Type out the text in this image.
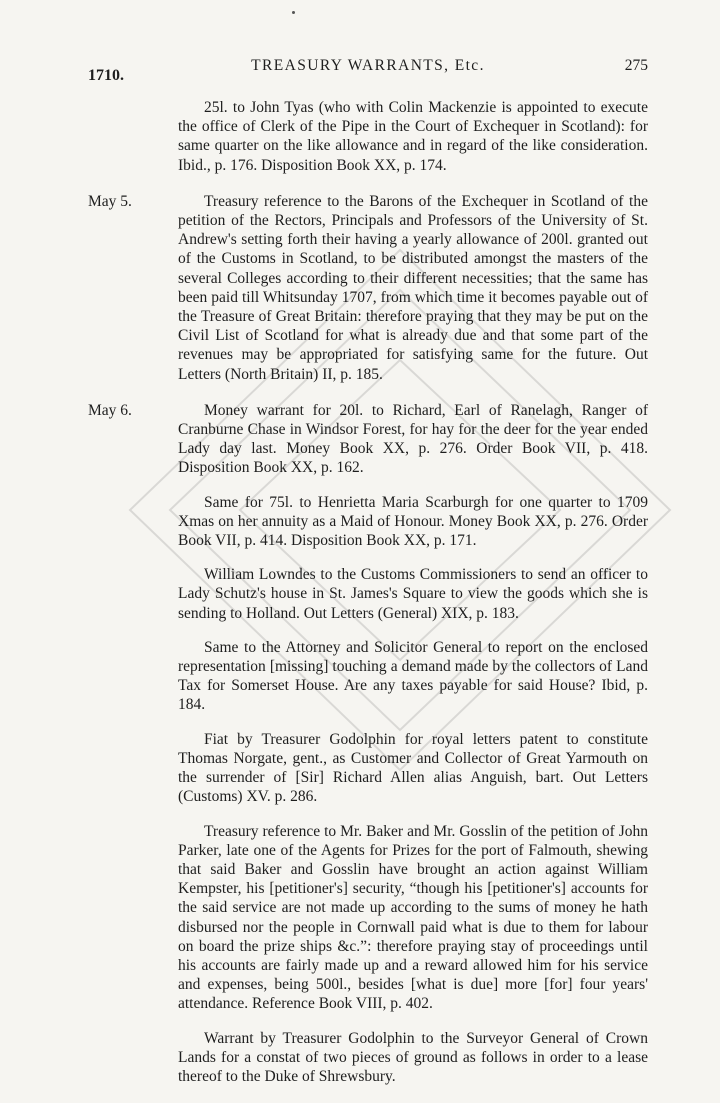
1710.
TREASURY WARRANTS, Etc.	275

25l. to John Tyas (who with Colin Mackenzie is appointed to execute the office of Clerk of the Pipe in the Court of Exchequer in Scotland): for same quarter on the like allowance and in regard of the like consideration. Ibid., p. 176. Disposition Book XX, p. 174.

May 5.	Treasury reference to the Barons of the Exchequer in Scotland of the petition of the Rectors, Principals and Professors of the University of St. Andrew's setting forth their having a yearly allowance of 200l. granted out of the Customs in Scotland, to be distributed amongst the masters of the several Colleges according to their different necessities; that the same has been paid till Whitsunday 1707, from which time it becomes payable out of the Treasure of Great Britain: therefore praying that they may be put on the Civil List of Scotland for what is already due and that some part of the revenues may be appropriated for satisfying same for the future. Out Letters (North Britain) II, p. 185.

May 6.	Money warrant for 20l. to Richard, Earl of Ranelagh, Ranger of Cranburne Chase in Windsor Forest, for hay for the deer for the year ended Lady day last. Money Book XX, p. 276. Order Book VII, p. 418. Disposition Book XX, p. 162.

Same for 75l. to Henrietta Maria Scarburgh for one quarter to 1709 Xmas on her annuity as a Maid of Honour. Money Book XX, p. 276. Order Book VII, p. 414. Disposition Book XX, p. 171.

William Lowndes to the Customs Commissioners to send an officer to Lady Schutz's house in St. James's Square to view the goods which she is sending to Holland. Out Letters (General) XIX, p. 183.

Same to the Attorney and Solicitor General to report on the enclosed representation [missing] touching a demand made by the collectors of Land Tax for Somerset House. Are any taxes payable for said House? Ibid, p. 184.

Fiat by Treasurer Godolphin for royal letters patent to constitute Thomas Norgate, gent., as Customer and Collector of Great Yarmouth on the surrender of [Sir] Richard Allen alias Anguish, bart. Out Letters (Customs) XV. p. 286.

Treasury reference to Mr. Baker and Mr. Gosslin of the petition of John Parker, late one of the Agents for Prizes for the port of Falmouth, shewing that said Baker and Gosslin have brought an action against William Kempster, his [petitioner's] security, “though his [petitioner's] accounts for the said service are not made up according to the sums of money he hath disbursed nor the people in Cornwall paid what is due to them for labour on board the prize ships &c.”: therefore praying stay of proceedings until his accounts are fairly made up and a reward allowed him for his service and expenses, being 500l., besides [what is due] more [for] four years' attendance. Reference Book VIII, p. 402.

Warrant by Treasurer Godolphin to the Surveyor General of Crown Lands for a constat of two pieces of ground as follows in order to a lease thereof to the Duke of Shrewsbury.
